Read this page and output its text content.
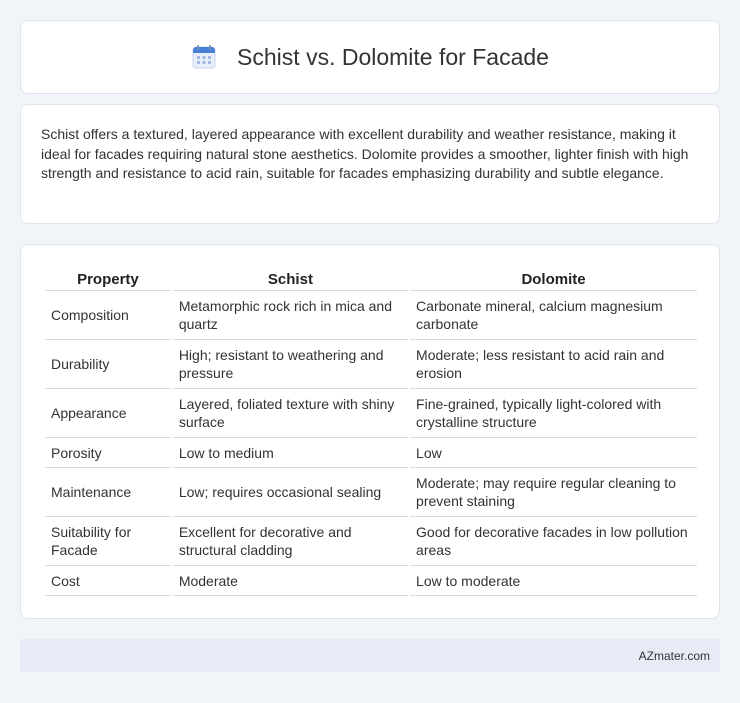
Schist vs. Dolomite for Facade

Schist offers a textured, layered appearance with excellent durability and weather resistance, making it ideal for facades requiring natural stone aesthetics. Dolomite provides a smoother, lighter finish with high strength and resistance to acid rain, suitable for facades emphasizing durability and subtle elegance.

Property	Schist	Dolomite
Composition	Metamorphic rock rich in mica and quartz	Carbonate mineral, calcium magnesium carbonate
Durability	High; resistant to weathering and pressure	Moderate; less resistant to acid rain and erosion
Appearance	Layered, foliated texture with shiny surface	Fine-grained, typically light-colored with crystalline structure
Porosity	Low to medium	Low
Maintenance	Low; requires occasional sealing	Moderate; may require regular cleaning to prevent staining
Suitability for Facade	Excellent for decorative and structural cladding	Good for decorative facades in low pollution areas
Cost	Moderate	Low to moderate
AZmater.com
